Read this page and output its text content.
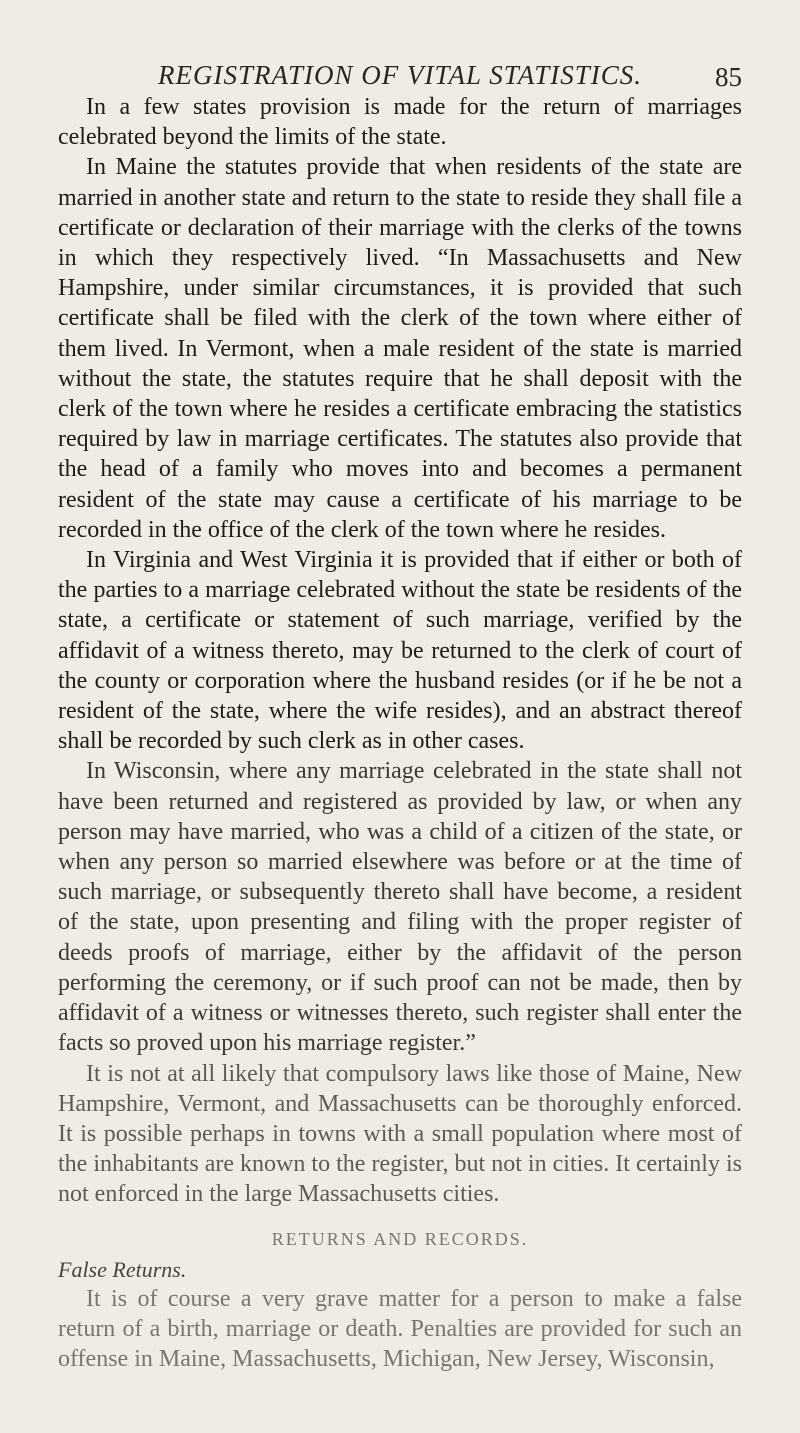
REGISTRATION OF VITAL STATISTICS.	85

In a few states provision is made for the return of marriages celebrated beyond the limits of the state.

In Maine the statutes provide that when residents of the state are married in another state and return to the state to reside they shall file a certificate or declaration of their marriage with the clerks of the towns in which they respectively lived. “In Massachusetts and New Hampshire, under similar circumstances, it is provided that such certificate shall be filed with the clerk of the town where either of them lived. In Vermont, when a male resident of the state is married without the state, the statutes require that he shall deposit with the clerk of the town where he resides a certificate embracing the statistics required by law in marriage certificates. The statutes also provide that the head of a family who moves into and becomes a permanent resident of the state may cause a certificate of his marriage to be recorded in the office of the clerk of the town where he resides.

In Virginia and West Virginia it is provided that if either or both of the parties to a marriage celebrated without the state be residents of the state, a certificate or statement of such marriage, verified by the affidavit of a witness thereto, may be returned to the clerk of court of the county or corporation where the husband resides (or if he be not a resident of the state, where the wife resides), and an abstract thereof shall be recorded by such clerk as in other cases.

In Wisconsin, where any marriage celebrated in the state shall not have been returned and registered as provided by law, or when any person may have married, who was a child of a citizen of the state, or when any person so married elsewhere was before or at the time of such marriage, or subsequently thereto shall have become, a resident of the state, upon presenting and filing with the proper register of deeds proofs of marriage, either by the affidavit of the person performing the ceremony, or if such proof can not be made, then by affidavit of a witness or witnesses thereto, such register shall enter the facts so proved upon his marriage register.”

It is not at all likely that compulsory laws like those of Maine, New Hampshire, Vermont, and Massachusetts can be thoroughly enforced. It is possible perhaps in towns with a small population where most of the inhabitants are known to the register, but not in cities. It certainly is not enforced in the large Massachusetts cities.

RETURNS AND RECORDS.

False Returns.

It is of course a very grave matter for a person to make a false return of a birth, marriage or death. Penalties are provided for such an offense in Maine, Massachusetts, Michigan, New Jersey, Wisconsin,
